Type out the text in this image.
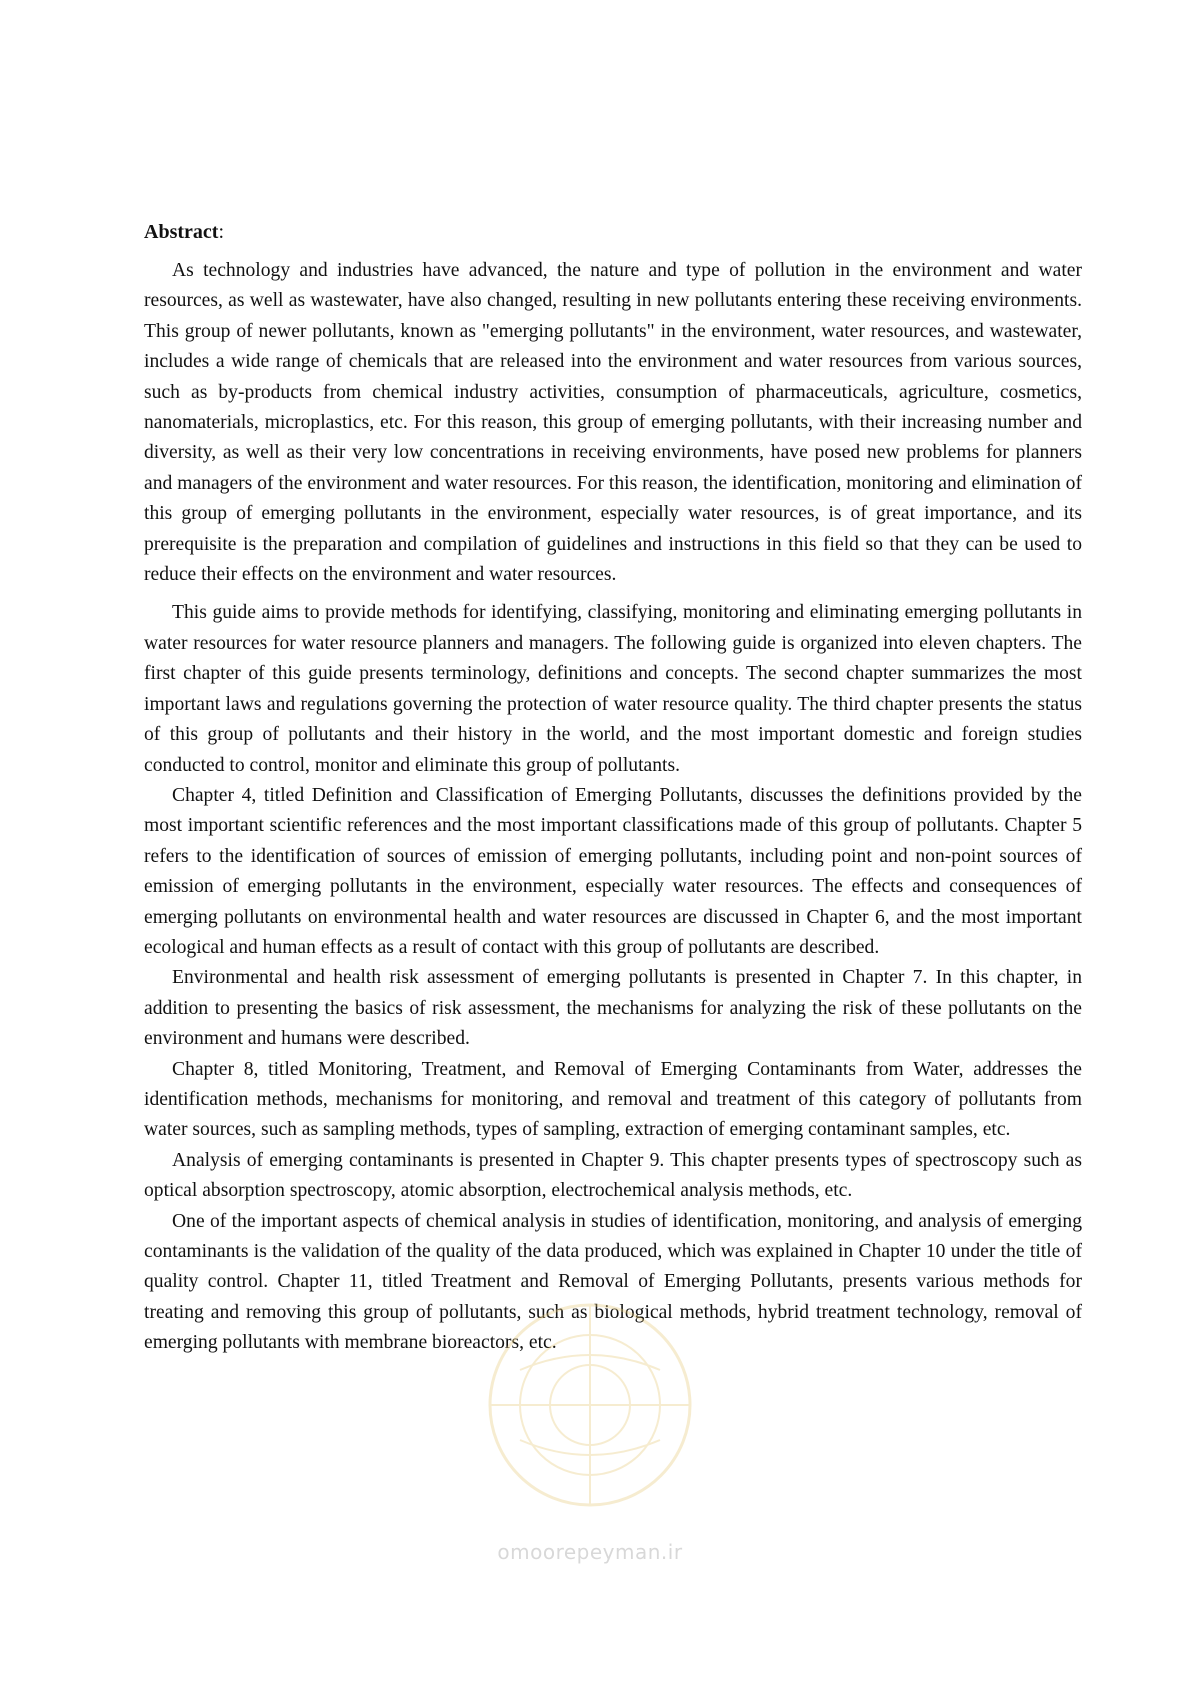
Abstract:

As technology and industries have advanced, the nature and type of pollution in the environment and water resources, as well as wastewater, have also changed, resulting in new pollutants entering these receiving environments. This group of newer pollutants, known as "emerging pollutants" in the environment, water resources, and wastewater, includes a wide range of chemicals that are released into the environment and water resources from various sources, such as by-products from chemical industry activities, consumption of pharmaceuticals, agriculture, cosmetics, nanomaterials, microplastics, etc. For this reason, this group of emerging pollutants, with their increasing number and diversity, as well as their very low concentrations in receiving environments, have posed new problems for planners and managers of the environment and water resources. For this reason, the identification, monitoring and elimination of this group of emerging pollutants in the environment, especially water resources, is of great importance, and its prerequisite is the preparation and compilation of guidelines and instructions in this field so that they can be used to reduce their effects on the environment and water resources.

This guide aims to provide methods for identifying, classifying, monitoring and eliminating emerging pollutants in water resources for water resource planners and managers. The following guide is organized into eleven chapters. The first chapter of this guide presents terminology, definitions and concepts. The second chapter summarizes the most important laws and regulations governing the protection of water resource quality. The third chapter presents the status of this group of pollutants and their history in the world, and the most important domestic and foreign studies conducted to control, monitor and eliminate this group of pollutants.

Chapter 4, titled Definition and Classification of Emerging Pollutants, discusses the definitions provided by the most important scientific references and the most important classifications made of this group of pollutants. Chapter 5 refers to the identification of sources of emission of emerging pollutants, including point and non-point sources of emission of emerging pollutants in the environment, especially water resources. The effects and consequences of emerging pollutants on environmental health and water resources are discussed in Chapter 6, and the most important ecological and human effects as a result of contact with this group of pollutants are described.

Environmental and health risk assessment of emerging pollutants is presented in Chapter 7. In this chapter, in addition to presenting the basics of risk assessment, the mechanisms for analyzing the risk of these pollutants on the environment and humans were described.

Chapter 8, titled Monitoring, Treatment, and Removal of Emerging Contaminants from Water, addresses the identification methods, mechanisms for monitoring, and removal and treatment of this category of pollutants from water sources, such as sampling methods, types of sampling, extraction of emerging contaminant samples, etc.

Analysis of emerging contaminants is presented in Chapter 9. This chapter presents types of spectroscopy such as optical absorption spectroscopy, atomic absorption, electrochemical analysis methods, etc.

One of the important aspects of chemical analysis in studies of identification, monitoring, and analysis of emerging contaminants is the validation of the quality of the data produced, which was explained in Chapter 10 under the title of quality control. Chapter 11, titled Treatment and Removal of Emerging Pollutants, presents various methods for treating and removing this group of pollutants, such as biological methods, hybrid treatment technology, removal of emerging pollutants with membrane bioreactors, etc.

omoorepeyman.ir
